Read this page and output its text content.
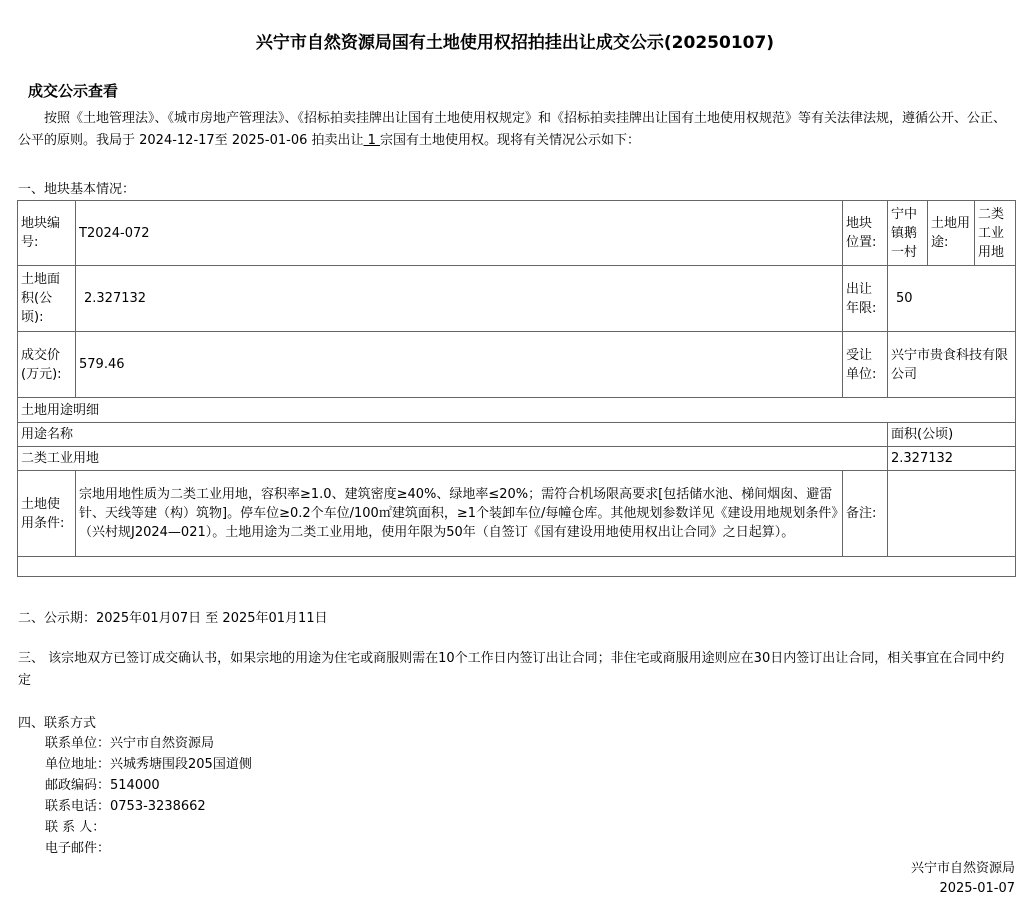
兴宁市自然资源局国有土地使用权招拍挂出让成交公示(20250107)
成交公示查看
按照《土地管理法》、《城市房地产管理法》、《招标拍卖挂牌出让国有土地使用权规定》和《招标拍卖挂牌出让国有土地使用权规范》等有关法律法规，遵循公开、公正、公平的原则。我局于 2024-12-17至 2025-01-06 拍卖出让 1 宗国有土地使用权。现将有关情况公示如下：
一、地块基本情况：
地块编号:	T2024-072	地块位置:	宁中镇鹅一村	土地用途:	二类工业用地
土地面积(公顷):	2.327132	出让年限:	50		
成交价(万元):	579.46	受让单位:	兴宁市贵食科技有限公司		
土地用途明细					
用途名称			面积(公顷)		
二类工业用地			2.327132		
土地使用条件:	宗地用地性质为二类工业用地，容积率≥1.0、建筑密度≥40%、绿地率≤20%；需符合机场限高要求[包括储水池、梯间烟囱、避雷针、天线等建（构）筑物]。停车位≥0.2个车位/100㎡建筑面积，≥1个装卸车位/每幢仓库。其他规划参数详见《建设用地规划条件》（兴村规J2024—021）。土地用途为二类工业用地，使用年限为50年（自签订《国有建设用地使用权出让合同》之日起算）。	备注:			

二、公示期：2025年01月07日 至 2025年01月11日
三、 该宗地双方已签订成交确认书，如果宗地的用途为住宅或商服则需在10个工作日内签订出让合同；非住宅或商服用途则应在30日内签订出让合同，相关事宜在合同中约定
四、联系方式
联系单位：兴宁市自然资源局
单位地址：兴城秀塘围段205国道侧
邮政编码：514000
联系电话：0753-3238662
联 系 人：
电子邮件：
兴宁市自然资源局
2025-01-07
